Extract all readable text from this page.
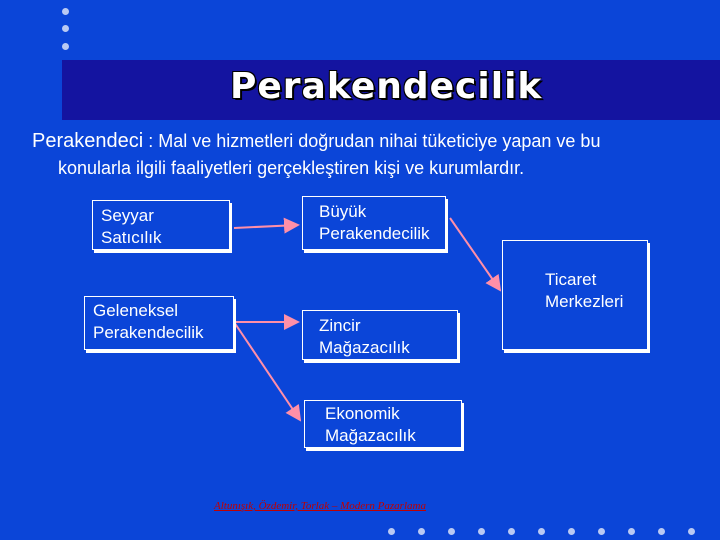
Perakendecilik
Perakendeci : Mal ve hizmetleri doğrudan nihai tüketiciye yapan ve bu
konularla ilgili faaliyetleri gerçekleştiren kişi ve kurumlardır.
Seyyar
Satıcılık
Büyük
Perakendecilik
Ticaret
Merkezleri
Geleneksel
Perakendecilik	Zincir
Mağazacılık
Ekonomik
Mağazacılık
Altunışık, Özdemir, Torlak – Modern Pazarlama
